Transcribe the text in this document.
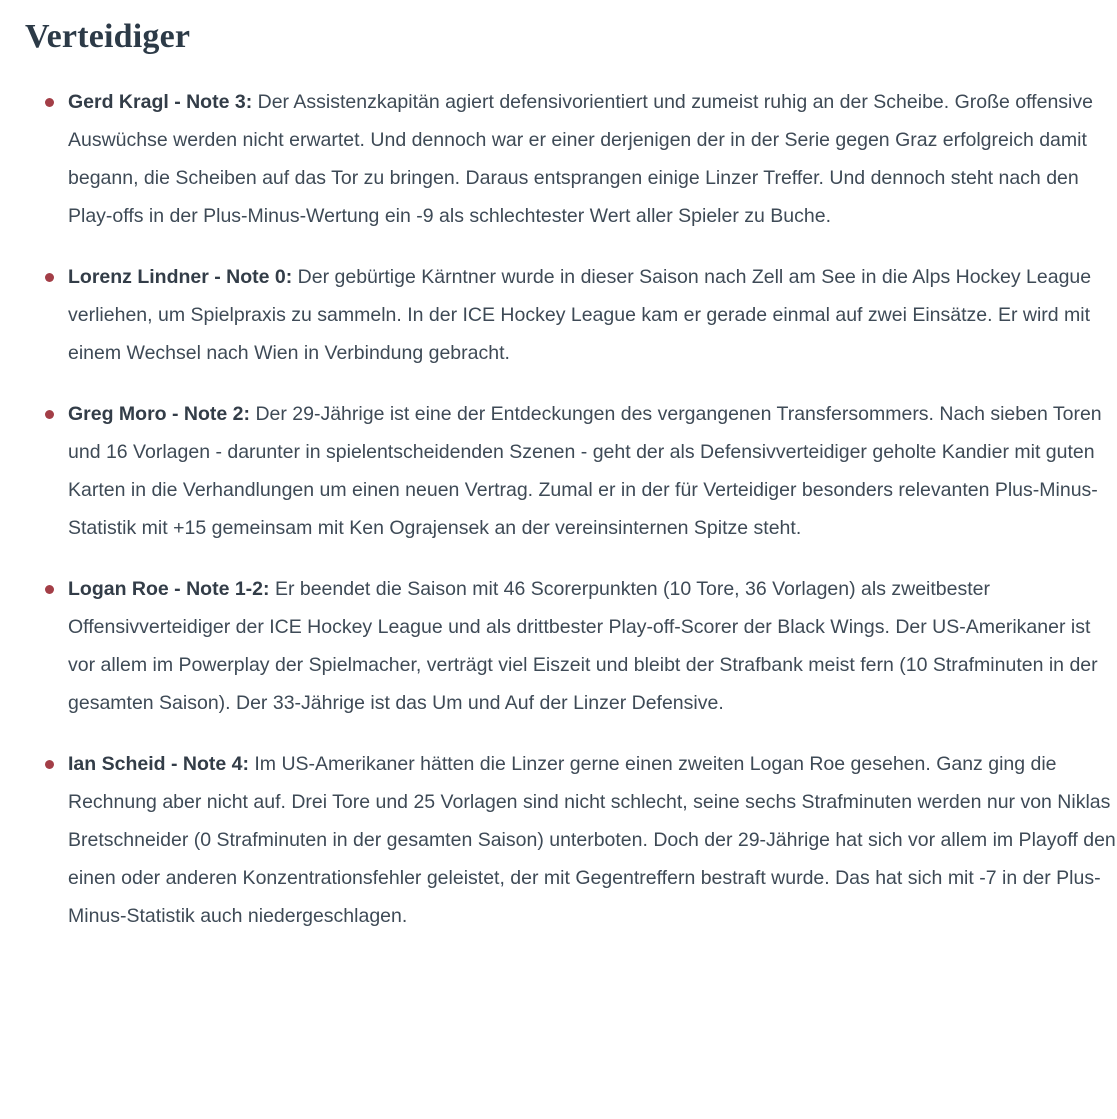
Verteidiger

Gerd Kragl - Note 3: Der Assistenzkapitän agiert defensivorientiert und zumeist ruhig an der Scheibe. Große offensive Auswüchse werden nicht erwartet. Und dennoch war er einer derjenigen der in der Serie gegen Graz erfolgreich damit begann, die Scheiben auf das Tor zu bringen. Daraus entsprangen einige Linzer Treffer. Und dennoch steht nach den Play-offs in der Plus-Minus-Wertung ein -9 als schlechtester Wert aller Spieler zu Buche.

Lorenz Lindner - Note 0: Der gebürtige Kärntner wurde in dieser Saison nach Zell am See in die Alps Hockey League verliehen, um Spielpraxis zu sammeln. In der ICE Hockey League kam er gerade einmal auf zwei Einsätze. Er wird mit einem Wechsel nach Wien in Verbindung gebracht.

Greg Moro - Note 2: Der 29-Jährige ist eine der Entdeckungen des vergangenen Transfersommers. Nach sieben Toren und 16 Vorlagen - darunter in spielentscheidenden Szenen - geht der als Defensivverteidiger geholte Kandier mit guten Karten in die Verhandlungen um einen neuen Vertrag. Zumal er in der für Verteidiger besonders relevanten Plus-Minus-Statistik mit +15 gemeinsam mit Ken Ograjensek an der vereinsinternen Spitze steht.

Logan Roe - Note 1-2: Er beendet die Saison mit 46 Scorerpunkten (10 Tore, 36 Vorlagen) als zweitbester Offensivverteidiger der ICE Hockey League und als drittbester Play-off-Scorer der Black Wings. Der US-Amerikaner ist vor allem im Powerplay der Spielmacher, verträgt viel Eiszeit und bleibt der Strafbank meist fern (10 Strafminuten in der gesamten Saison). Der 33-Jährige ist das Um und Auf der Linzer Defensive.

Ian Scheid - Note 4: Im US-Amerikaner hätten die Linzer gerne einen zweiten Logan Roe gesehen. Ganz ging die Rechnung aber nicht auf. Drei Tore und 25 Vorlagen sind nicht schlecht, seine sechs Strafminuten werden nur von Niklas Bretschneider (0 Strafminuten in der gesamten Saison) unterboten. Doch der 29-Jährige hat sich vor allem im Playoff den einen oder anderen Konzentrationsfehler geleistet, der mit Gegentreffern bestraft wurde. Das hat sich mit -7 in der Plus-Minus-Statistik auch niedergeschlagen.
